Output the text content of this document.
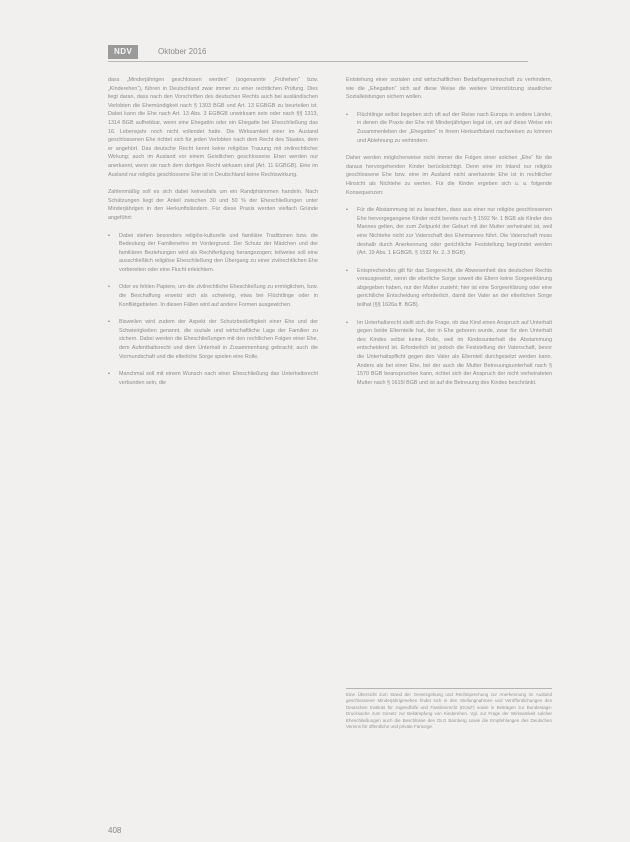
NDV	Oktober 2016

dass „Minderjährigen geschlossen werden“ (sogenannte „Frühehen“ bzw. „Kinderehen“), führen in Deutschland zwar immer zu einer rechtlichen Prüfung. Dies liegt daran, dass nach den Vorschriften des deutschen Rechts auch bei ausländischen Verlobten die Ehemündigkeit nach § 1303 BGB und Art. 13 EGBGB zu beurteilen ist. Dabei kann die Ehe nach Art. 13 Abs. 3 EGBGB unwirksam sein oder nach §§ 1313, 1314 BGB aufhebbar, wenn eine Ehegattin oder ein Ehegatte bei Eheschließung das 16. Lebensjahr noch nicht vollendet hatte. Die Wirksamkeit einer im Ausland geschlossenen Ehe richtet sich für jeden Verlobten nach dem Recht des Staates, dem er angehört. Das deutsche Recht kennt keine religiöse Trauung mit zivilrechtlicher Wirkung; auch im Ausland vor einem Geistlichen geschlossene Ehen werden nur anerkannt, wenn sie nach dem dortigen Recht wirksam sind (Art. 11 EGBGB). Eine im Ausland nur religiös geschlossene Ehe ist in Deutschland keine Rechtswirkung.

Zahlenmäßig soll es sich dabei keinesfalls um ein Randphänomen handeln. Nach Schätzungen liegt der Anteil zwischen 30 und 50 % der Eheschließungen unter Minderjährigen in den Herkunftsländern. Für diese Praxis werden vielfach Gründe angeführt:

• Dabei stehen besonders religiös-kulturelle und familiäre Traditionen bzw. die Bedeutung der Familienehre im Vordergrund. Der Schutz der Mädchen und der familiären Beziehungen wird als Rechtfertigung herangezogen; teilweise soll eine ausschließlich religiöse Eheschließung den Übergang zu einer zivilrechtlichen Ehe vorbereiten oder eine Flucht erleichtern.
• Oder es fehlen Papiere, um die zivilrechtliche Eheschließung zu ermöglichen, bzw. die Beschaffung erweist sich als schwierig, etwa bei Flüchtlinge oder in Konfliktgebieten. In diesen Fällen wird auf andere Formen ausgewichen.
• Bisweilen wird zudem der Aspekt der Schutzbedürftigkeit einer Ehe und der Schwierigkeiten genannt, die soziale und wirtschaftliche Lage der Familien zu sichern. Dabei werden die Eheschließungen mit den rechtlichen Folgen einer Ehe, dem Aufenthaltsrecht und dem Unterhalt in Zusammenhang gebracht; auch die Vormundschaft und die elterliche Sorge spielen eine Rolle.
• Manchmal soll mit einem Wunsch nach einer Eheschließung das Unterhaltsrecht verbunden sein, die

Entstehung einer sozialen und wirtschaftlichen Bedarfsgemeinschaft zu verhindern, wie die „Ehegatten“ sich auf diese Weise die weitere Unterstützung staatlicher Sozialleistungen sichern wollen.

• Flüchtlinge selbst begeben sich oft auf der Reise nach Europa in andere Länder, in denen die Praxis der Ehe mit Minderjährigen legal ist, um auf diese Weise ein Zusammenleben der „Ehegatten“ in ihrem Herkunftsland nachweisen zu können und Ablehnung zu verhindern.

Daher werden möglicherweise nicht immer die Folgen einer solchen „Ehe“ für die daraus hervorgehenden Kinder berücksichtigt. Denn eine im Inland nur religiös geschlossene Ehe bzw. eine im Ausland nicht anerkannte Ehe ist in rechtlicher Hinsicht als Nichtehe zu werten. Für die Kinder ergeben sich u. a. folgende Konsequenzen:

• Für die Abstammung ist zu beachten, dass aus einer nur religiös geschlossenen Ehe hervorgegangene Kinder nicht bereits nach § 1592 Nr. 1 BGB als Kinder des Mannes gelten, der zum Zeitpunkt der Geburt mit der Mutter verheiratet ist, weil eine Nichtehe nicht zur Vaterschaft des Ehemannes führt. Die Vaterschaft muss deshalb durch Anerkennung oder gerichtliche Feststellung begründet werden (Art. 19 Abs. 1 EGBGB, § 1592 Nr. 2, 3 BGB).
• Entsprechendes gilt für das Sorgerecht, die Abwesenheit des deutschen Rechts vorausgesetzt, wenn die elterliche Sorge soweit die Eltern keine Sorgeerklärung abgegeben haben, nur der Mutter zusteht; hier ist eine Sorgeerklärung oder eine gerichtliche Entscheidung erforderlich, damit der Vater an der elterlichen Sorge teilhat (§§ 1626a ff. BGB).
• Im Unterhaltsrecht stellt sich die Frage, ob das Kind einen Anspruch auf Unterhalt gegen beide Elternteile hat, der in Ehe geboren wurde, zwar für den Unterhalt des Kindes selbst keine Rolle, weil im Kindesunterhalt die Abstammung entscheidend ist. Erforderlich ist jedoch die Feststellung der Vaterschaft, bevor die Unterhaltspflicht gegen den Vater als Elternteil durchgesetzt werden kann. Anders als bei einer Ehe, bei der auch die Mutter Betreuungsunterhalt nach § 1570 BGB beanspruchen kann, richtet sich der Anspruch der nicht verheirateten Mutter nach § 1615l BGB und ist auf die Betreuung des Kindes beschränkt.
Eine Übersicht zum Stand der Gesetzgebung und Rechtsprechung zur Anerkennung im Ausland geschlossener Minderjährigenehen findet sich in den Stellungnahmen und Veröffentlichungen des Deutschen Instituts für Jugendhilfe und Familienrecht (DIJuF) sowie in Beiträgen zur Bundestags-Drucksache zum Gesetz zur Bekämpfung von Kinderehen. Vgl. zur Frage der Wirksamkeit solcher Eheschließungen auch die Beschlüsse des OLG Bamberg sowie die Empfehlungen des Deutschen Vereins für öffentliche und private Fürsorge.
408
